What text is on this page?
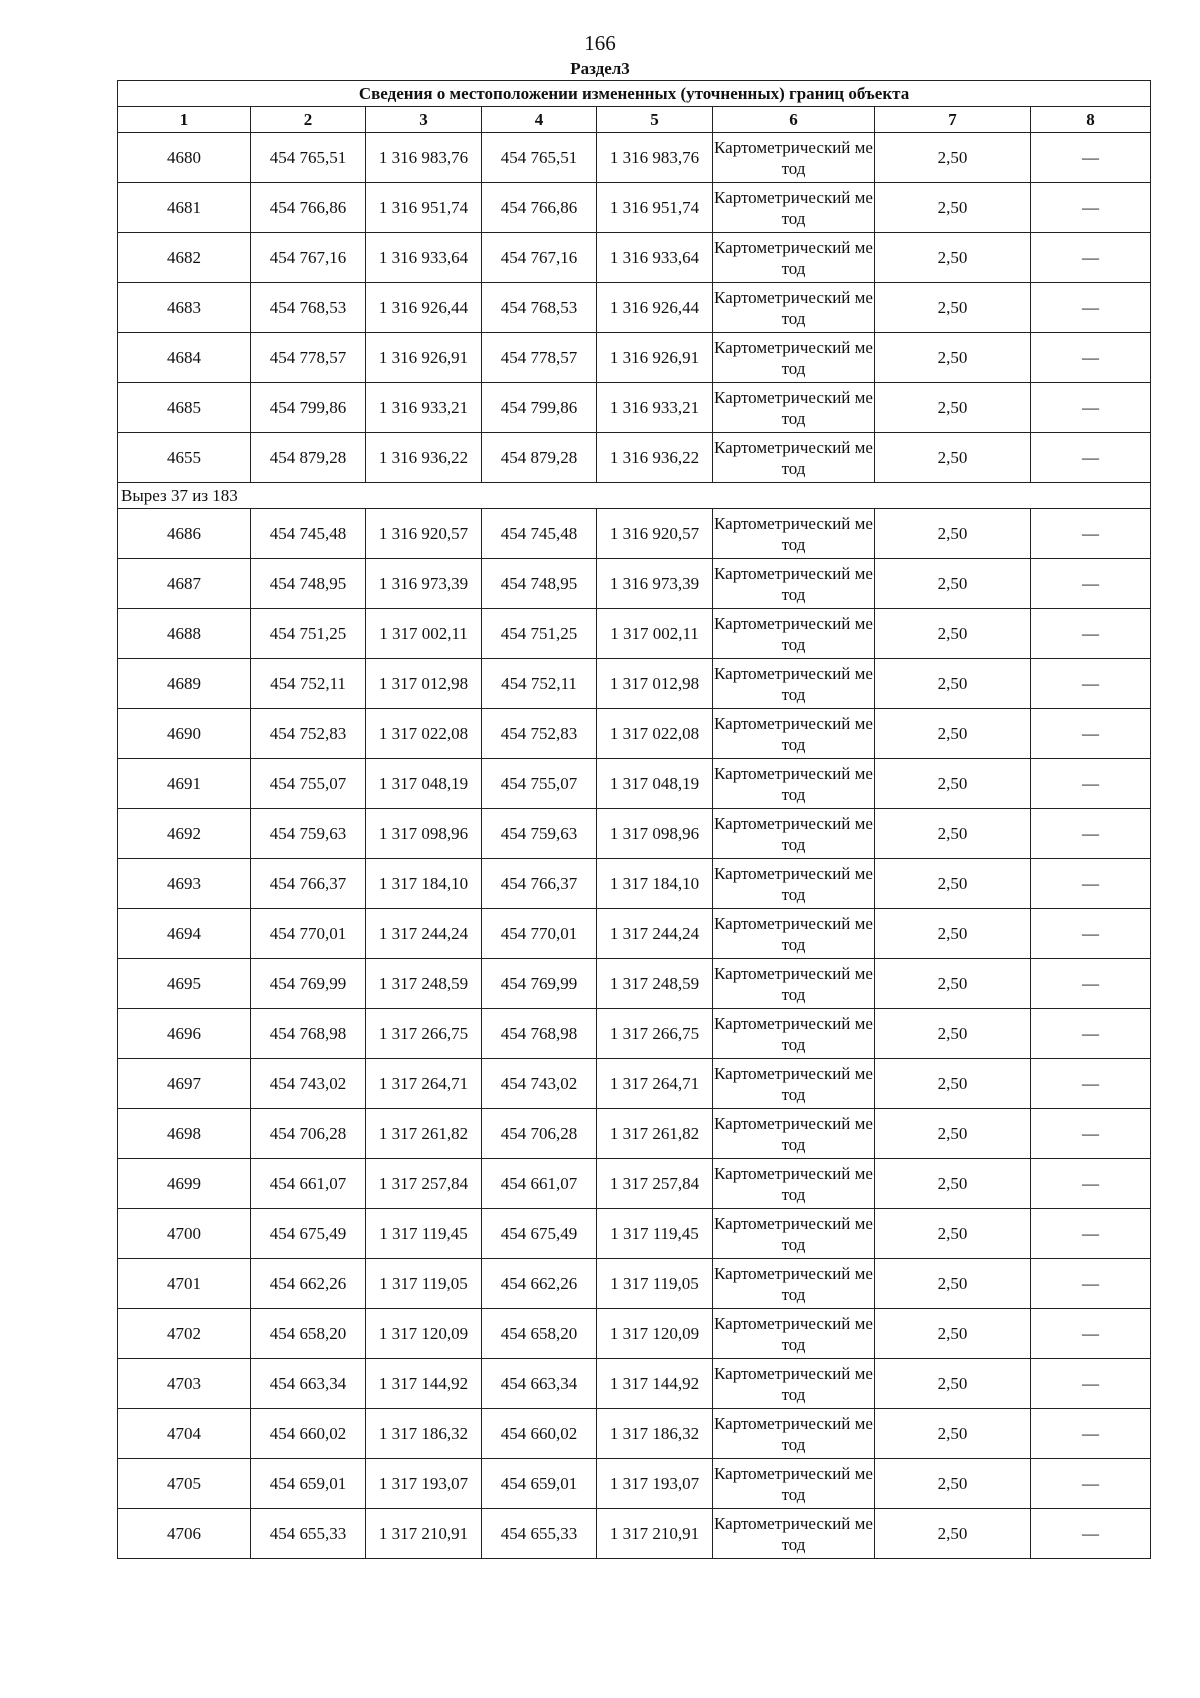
166
Раздел3
Сведения о местоположении измененных (уточненных) границ объекта							
1	2	3	4	5	6	7	8
4680	454 765,51	1 316 983,76	454 765,51	1 316 983,76	Картометрический метод	2,50	—
4681	454 766,86	1 316 951,74	454 766,86	1 316 951,74	Картометрический метод	2,50	—
4682	454 767,16	1 316 933,64	454 767,16	1 316 933,64	Картометрический метод	2,50	—
4683	454 768,53	1 316 926,44	454 768,53	1 316 926,44	Картометрический метод	2,50	—
4684	454 778,57	1 316 926,91	454 778,57	1 316 926,91	Картометрический метод	2,50	—
4685	454 799,86	1 316 933,21	454 799,86	1 316 933,21	Картометрический метод	2,50	—
4655	454 879,28	1 316 936,22	454 879,28	1 316 936,22	Картометрический метод	2,50	—
Вырез 37 из 183							
4686	454 745,48	1 316 920,57	454 745,48	1 316 920,57	Картометрический метод	2,50	—
4687	454 748,95	1 316 973,39	454 748,95	1 316 973,39	Картометрический метод	2,50	—
4688	454 751,25	1 317 002,11	454 751,25	1 317 002,11	Картометрический метод	2,50	—
4689	454 752,11	1 317 012,98	454 752,11	1 317 012,98	Картометрический метод	2,50	—
4690	454 752,83	1 317 022,08	454 752,83	1 317 022,08	Картометрический метод	2,50	—
4691	454 755,07	1 317 048,19	454 755,07	1 317 048,19	Картометрический метод	2,50	—
4692	454 759,63	1 317 098,96	454 759,63	1 317 098,96	Картометрический метод	2,50	—
4693	454 766,37	1 317 184,10	454 766,37	1 317 184,10	Картометрический метод	2,50	—
4694	454 770,01	1 317 244,24	454 770,01	1 317 244,24	Картометрический метод	2,50	—
4695	454 769,99	1 317 248,59	454 769,99	1 317 248,59	Картометрический метод	2,50	—
4696	454 768,98	1 317 266,75	454 768,98	1 317 266,75	Картометрический метод	2,50	—
4697	454 743,02	1 317 264,71	454 743,02	1 317 264,71	Картометрический метод	2,50	—
4698	454 706,28	1 317 261,82	454 706,28	1 317 261,82	Картометрический метод	2,50	—
4699	454 661,07	1 317 257,84	454 661,07	1 317 257,84	Картометрический метод	2,50	—
4700	454 675,49	1 317 119,45	454 675,49	1 317 119,45	Картометрический метод	2,50	—
4701	454 662,26	1 317 119,05	454 662,26	1 317 119,05	Картометрический метод	2,50	—
4702	454 658,20	1 317 120,09	454 658,20	1 317 120,09	Картометрический метод	2,50	—
4703	454 663,34	1 317 144,92	454 663,34	1 317 144,92	Картометрический метод	2,50	—
4704	454 660,02	1 317 186,32	454 660,02	1 317 186,32	Картометрический метод	2,50	—
4705	454 659,01	1 317 193,07	454 659,01	1 317 193,07	Картометрический метод	2,50	—
4706	454 655,33	1 317 210,91	454 655,33	1 317 210,91	Картометрический метод	2,50	—
